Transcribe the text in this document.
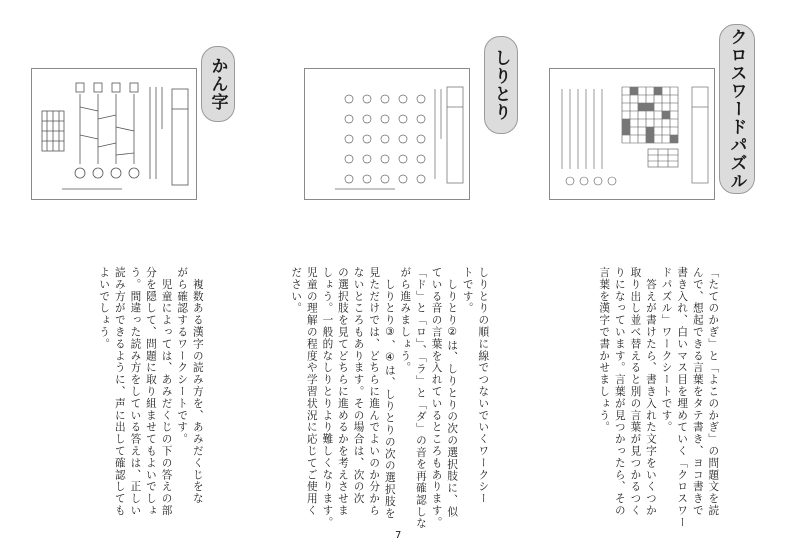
かん字

　複数ある漢字の読み方を、あみだくじをな
がら確認するワークシートです。
　児童によっては、あみだくじの下の答えの部
分を隠して、問題に取り組ませてもよいでしょ
う。間違った読み方をしている答えは、正しい
読み方ができるように、声に出して確認しても
よいでしょう。

しりとり

しりとりの順に線でつないでいくワークシー
トです。
　しりとり②は、しりとりの次の選択肢に、似
ている音の言葉を入れているところもあります。
「ド」と「ロ」、「ラ」と「ダ」の音を再確認しな
がら進みましょう。
　しりとり③、④は、しりとりの次の選択肢を
見ただけでは、どちらに進んでよいのか分から
ないところもあります。その場合は、次の次
の選択肢を見てどちらに進めるかを考えさせま
しょう。一般的なしりとりより難しくなります。
児童の理解の程度や学習状況に応じてご使用く
ださい。

クロスワードパズル

「たてのかぎ」と「よこのかぎ」の問題文を読
んで、想起できる言葉をタテ書き、ヨコ書きで
書き入れ、白いマス目を埋めていく「クロスワー
ドパズル」ワークシートです。
　答えが書けたら、書き入れた文字をいくつか
取り出し並べ替えると別の言葉が見つかるつく
りになっています。言葉が見つかったら、その
言葉を漢字で書かせましょう。

7
